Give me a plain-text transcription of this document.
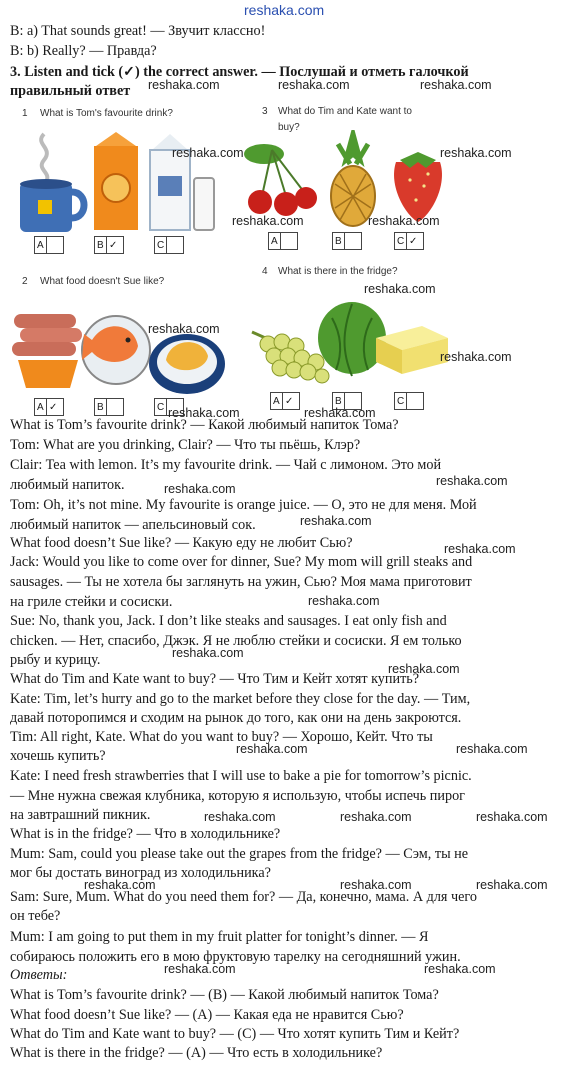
reshaka.com
B: a) That sounds great! — Звучит классно!
B: b) Really? — Правда?
3. Listen and tick (✓) the correct answer. — Послушай и отметь галочкой
правильный ответ
1 What is Tom's favourite drink?	3 What do Tim and Kate want to
buy?
2 What food doesn't Sue like?
4 What is there in the fridge?
A	B ✓	C	A	B	C ✓
A ✓	B	C
A ✓	B	C
reshaka.com	reshaka.com	reshaka.com
reshaka.com	reshaka.com
reshaka.com	reshaka.com
reshaka.com
reshaka.com
reshaka.com
reshaka.com	reshaka.com
reshaka.com
reshaka.com
reshaka.com
reshaka.com
reshaka.com
reshaka.com
reshaka.com
reshaka.com	reshaka.com
reshaka.com	reshaka.com	reshaka.com
reshaka.com	reshaka.com	reshaka.com
reshaka.com	reshaka.com
What is Tom’s favourite drink? — Какой любимый напиток Тома?
Tom: What are you drinking, Clair? — Что ты пьёшь, Клэр?
Clair: Tea with lemon. It’s my favourite drink. — Чай с лимоном. Это мой
любимый напиток.
Tom: Oh, it’s not mine. My favourite is orange juice. — О, это не для меня. Мой
любимый напиток — апельсиновый сок.
What food doesn’t Sue like? — Какую еду не любит Сью?
Jack: Would you like to come over for dinner, Sue? My mom will grill steaks and
sausages. — Ты не хотела бы заглянуть на ужин, Сью? Моя мама приготовит
на гриле стейки и сосиски.
Sue: No, thank you, Jack. I don’t like steaks and sausages. I eat only fish and
chicken. — Нет, спасибо, Джэк. Я не люблю стейки и сосиски. Я ем только
рыбу и курицу.
What do Tim and Kate want to buy? — Что Тим и Кейт хотят купить?
Kate: Tim, let’s hurry and go to the market before they close for the day. — Тим,
давай поторопимся и сходим на рынок до того, как они на день закроются.
Tim: All right, Kate. What do you want to buy? — Хорошо, Кейт. Что ты
хочешь купить?
Kate: I need fresh strawberries that I will use to bake a pie for tomorrow’s picnic.
— Мне нужна свежая клубника, которую я использую, чтобы испечь пирог
на завтрашний пикник.
What is in the fridge? — Что в холодильнике?
Mum: Sam, could you please take out the grapes from the fridge? — Сэм, ты не
мог бы достать виноград из холодильника?
Sam: Sure, Mum. What do you need them for? — Да, конечно, мама. А для чего
он тебе?
Mum: I am going to put them in my fruit platter for tonight’s dinner. — Я
собираюсь положить его в мою фруктовую тарелку на сегодняшний ужин.
Ответы:
What is Tom’s favourite drink? — (B) — Какой любимый напиток Тома?
What food doesn’t Sue like? — (A) — Какая еда не нравится Сью?
What do Tim and Kate want to buy? — (C) — Что хотят купить Тим и Кейт?
What is there in the fridge? — (A) — Что есть в холодильнике?
